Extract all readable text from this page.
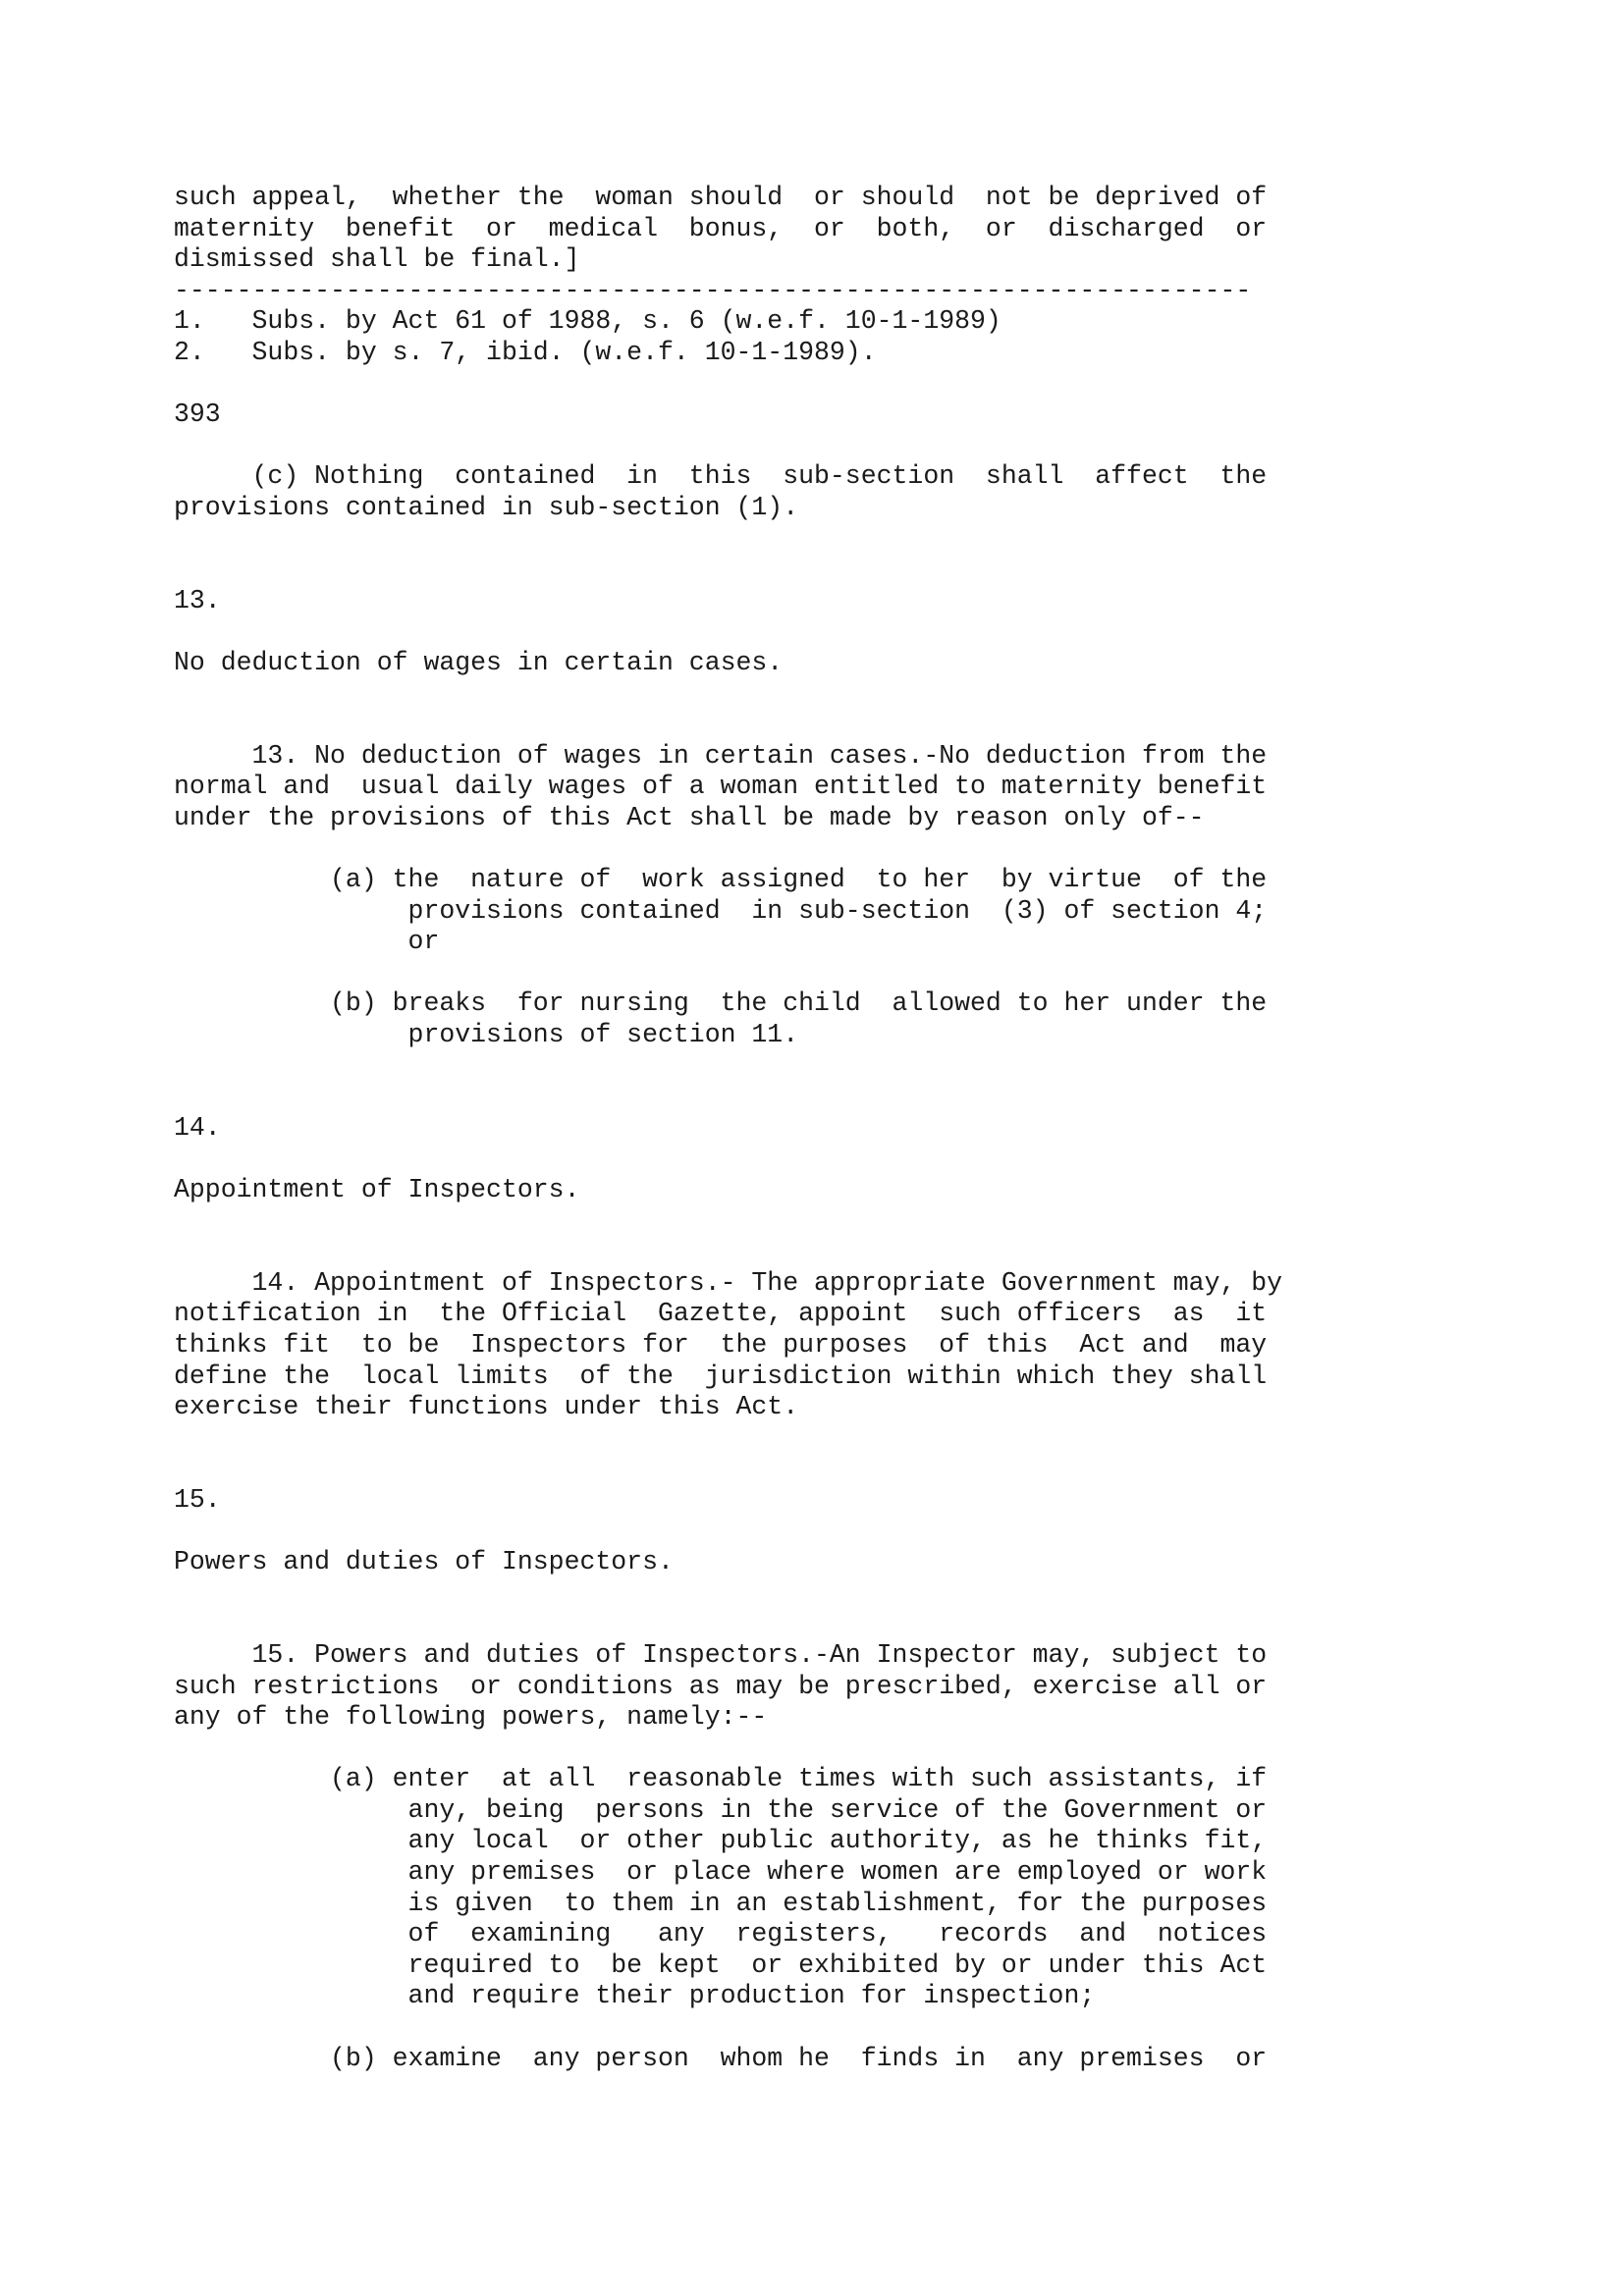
such appeal,  whether the  woman should  or should  not be deprived of
maternity  benefit  or  medical  bonus,  or  both,  or  discharged  or
dismissed shall be final.]
---------------------------------------------------------------------
1.   Subs. by Act 61 of 1988, s. 6 (w.e.f. 10-1-1989)
2.   Subs. by s. 7, ibid. (w.e.f. 10-1-1989).
393
(c) Nothing  contained  in  this  sub-section  shall  affect  the
provisions contained in sub-section (1).
13.
No deduction of wages in certain cases.
13. No deduction of wages in certain cases.-No deduction from the
normal and  usual daily wages of a woman entitled to maternity benefit
under the provisions of this Act shall be made by reason only of--
(a) the  nature of  work assigned  to her  by virtue  of the
provisions contained  in sub-section  (3) of section 4;
or
(b) breaks  for nursing  the child  allowed to her under the
provisions of section 11.
14.
Appointment of Inspectors.
14. Appointment of Inspectors.- The appropriate Government may, by
notification in  the Official  Gazette, appoint  such officers  as  it
thinks fit  to be  Inspectors for  the purposes  of this  Act and  may
define the  local limits  of the  jurisdiction within which they shall
exercise their functions under this Act.
15.
Powers and duties of Inspectors.
15. Powers and duties of Inspectors.-An Inspector may, subject to
such restrictions  or conditions as may be prescribed, exercise all or
any of the following powers, namely:--
(a) enter  at all  reasonable times with such assistants, if
any, being  persons in the service of the Government or
any local  or other public authority, as he thinks fit,
any premises  or place where women are employed or work
is given  to them in an establishment, for the purposes
of  examining   any  registers,   records  and  notices
required to  be kept  or exhibited by or under this Act
and require their production for inspection;
(b) examine  any person  whom he  finds in  any premises  or
